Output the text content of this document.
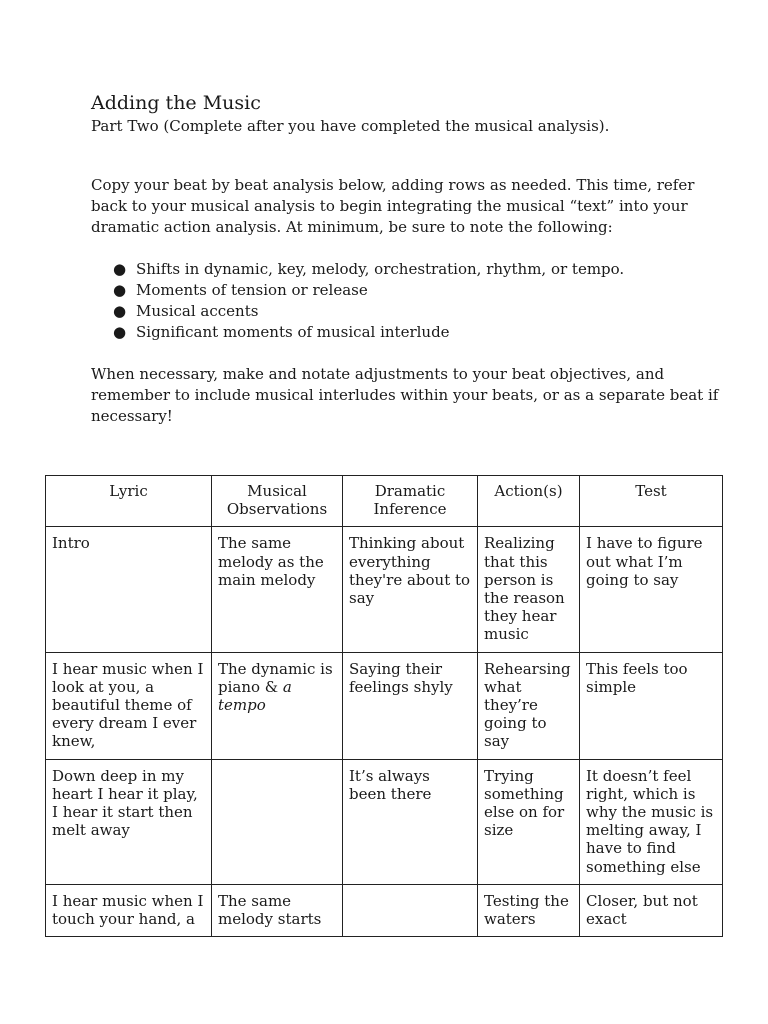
Adding the Music

Part Two (Complete after you have completed the musical analysis).

Copy your beat by beat analysis below, adding rows as needed. This time, refer back to your musical analysis to begin integrating the musical “text” into your dramatic action analysis. At minimum, be sure to note the following:

● Shifts in dynamic, key, melody, orchestration, rhythm, or tempo.
● Moments of tension or release
● Musical accents
● Significant moments of musical interlude

When necessary, make and notate adjustments to your beat objectives, and remember to include musical interludes within your beats, or as a separate beat if necessary!

Lyric	Musical Observations	Dramatic Inference	Action(s)	Test
Intro	The same melody as the main melody	Thinking about everything they're about to say	Realizing that this person is the reason they hear music	I have to figure out what I’m going to say
I hear music when I look at you, a beautiful theme of every dream I ever knew,	The dynamic is piano & a tempo	Saying their feelings shyly	Rehearsing what they’re going to say	This feels too simple
Down deep in my heart I hear it play, I hear it start then melt away		It’s always been there	Trying something else on for size	It doesn’t feel right, which is why the music is melting away, I have to find something else
I hear music when I touch your hand, a	The same melody starts		Testing the waters	Closer, but not exact
